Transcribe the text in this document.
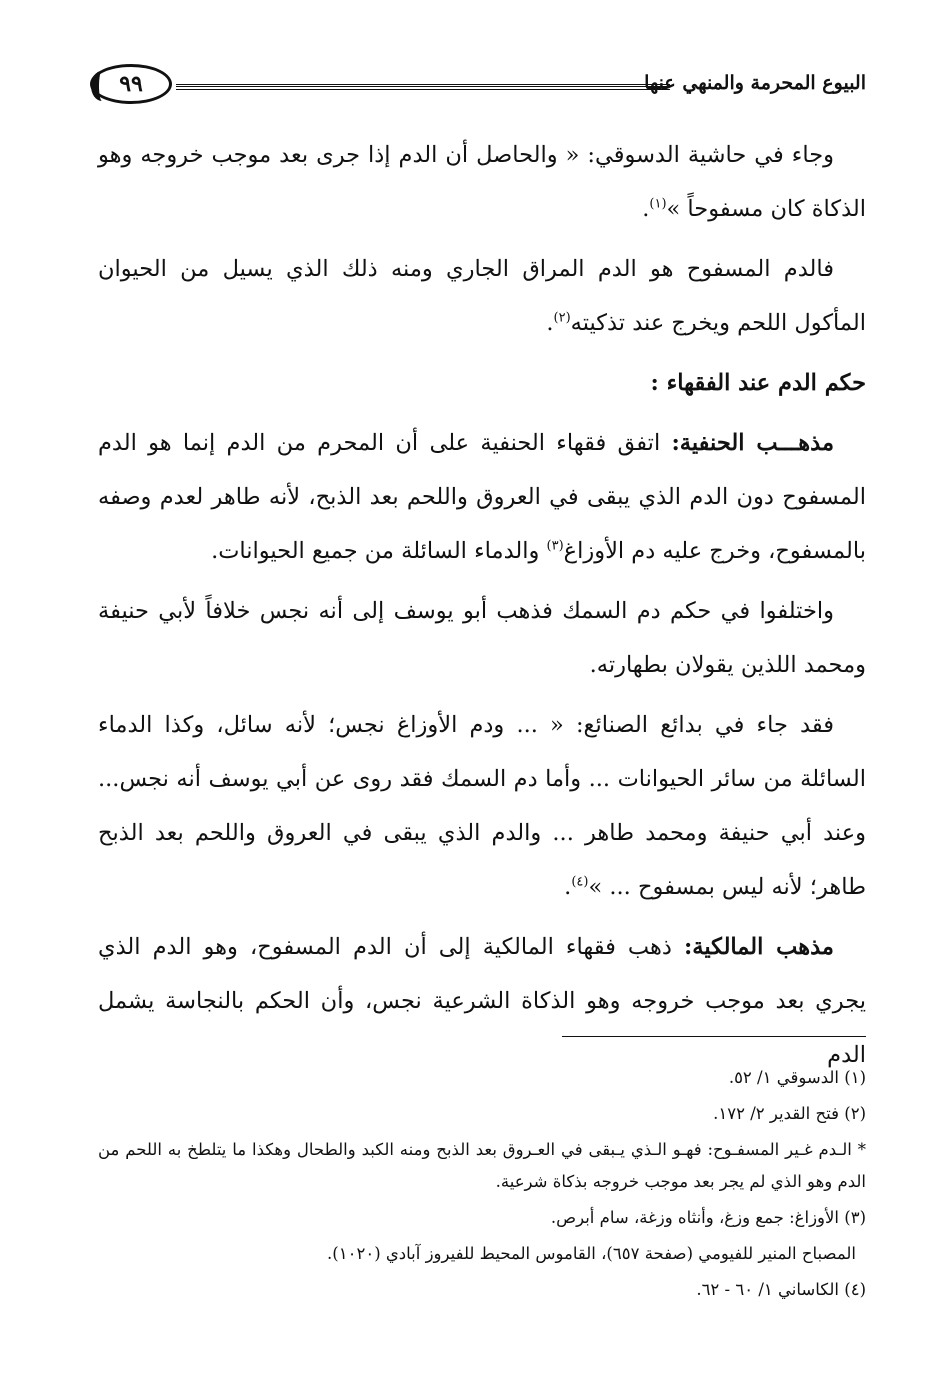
٩٩	البيوع المحرمة والمنهي عنها

وجاء في حاشية الدسوقي: « والحاصل أن الدم إذا جرى بعد موجب خروجه وهو الذكاة كان مسفوحاً »$^{(١)}$.

فالدم المسفوح هو الدم المراق الجاري ومنه ذلك الذي يسيل من الحيوان المأكول اللحم ويخرج عند تذكيته$^{(٢)}$.

حكم الدم عند الفقهاء :

مذهـــب الحنفية: اتفق فقهاء الحنفية على أن المحرم من الدم إنما هو الدم المسفوح دون الدم الذي يبقى في العروق واللحم بعد الذبح، لأنه طاهر لعدم وصفه بالمسفوح، وخرج عليه دم الأوزاغ$^{(٣)}$ والدماء السائلة من جميع الحيوانات.

واختلفوا في حكم دم السمك فذهب أبو يوسف إلى أنه نجس خلافاً لأبي حنيفة ومحمد اللذين يقولان بطهارته.

فقد جاء في بدائع الصنائع: « ... ودم الأوزاغ نجس؛ لأنه سائل، وكذا الدماء السائلة من سائر الحيوانات ... وأما دم السمك فقد روى عن أبي يوسف أنه نجس... وعند أبي حنيفة ومحمد طاهر ... والدم الذي يبقى في العروق واللحم بعد الذبح طاهر؛ لأنه ليس بمسفوح ... »$^{(٤)}$.

مذهب المالكية: ذهب فقهاء المالكية إلى أن الدم المسفوح، وهو الدم الذي يجري بعد موجب خروجه وهو الذكاة الشرعية نجس، وأن الحكم بالنجاسة يشمل الدم

(١) الدسوقي ١/ ٥٢.

(٢) فتح القدير ٢/ ١٧٢.

* الـدم غـير المسفـوح: فهـو الـذي يـبقى في العـروق بعد الذبح ومنه الكبد والطحال وهكذا ما يتلطخ به اللحم من الدم وهو الذي لم يجر بعد موجب خروجه بذكاة شرعية.

(٣) الأوزاغ: جمع وزغ، وأنثاه وزغة، سام أبرص.

المصباح المنير للفيومي (صفحة ٦٥٧)، القاموس المحيط للفيروز آبادي (١٠٢٠).

(٤) الكاساني ١/ ٦٠ - ٦٢.
